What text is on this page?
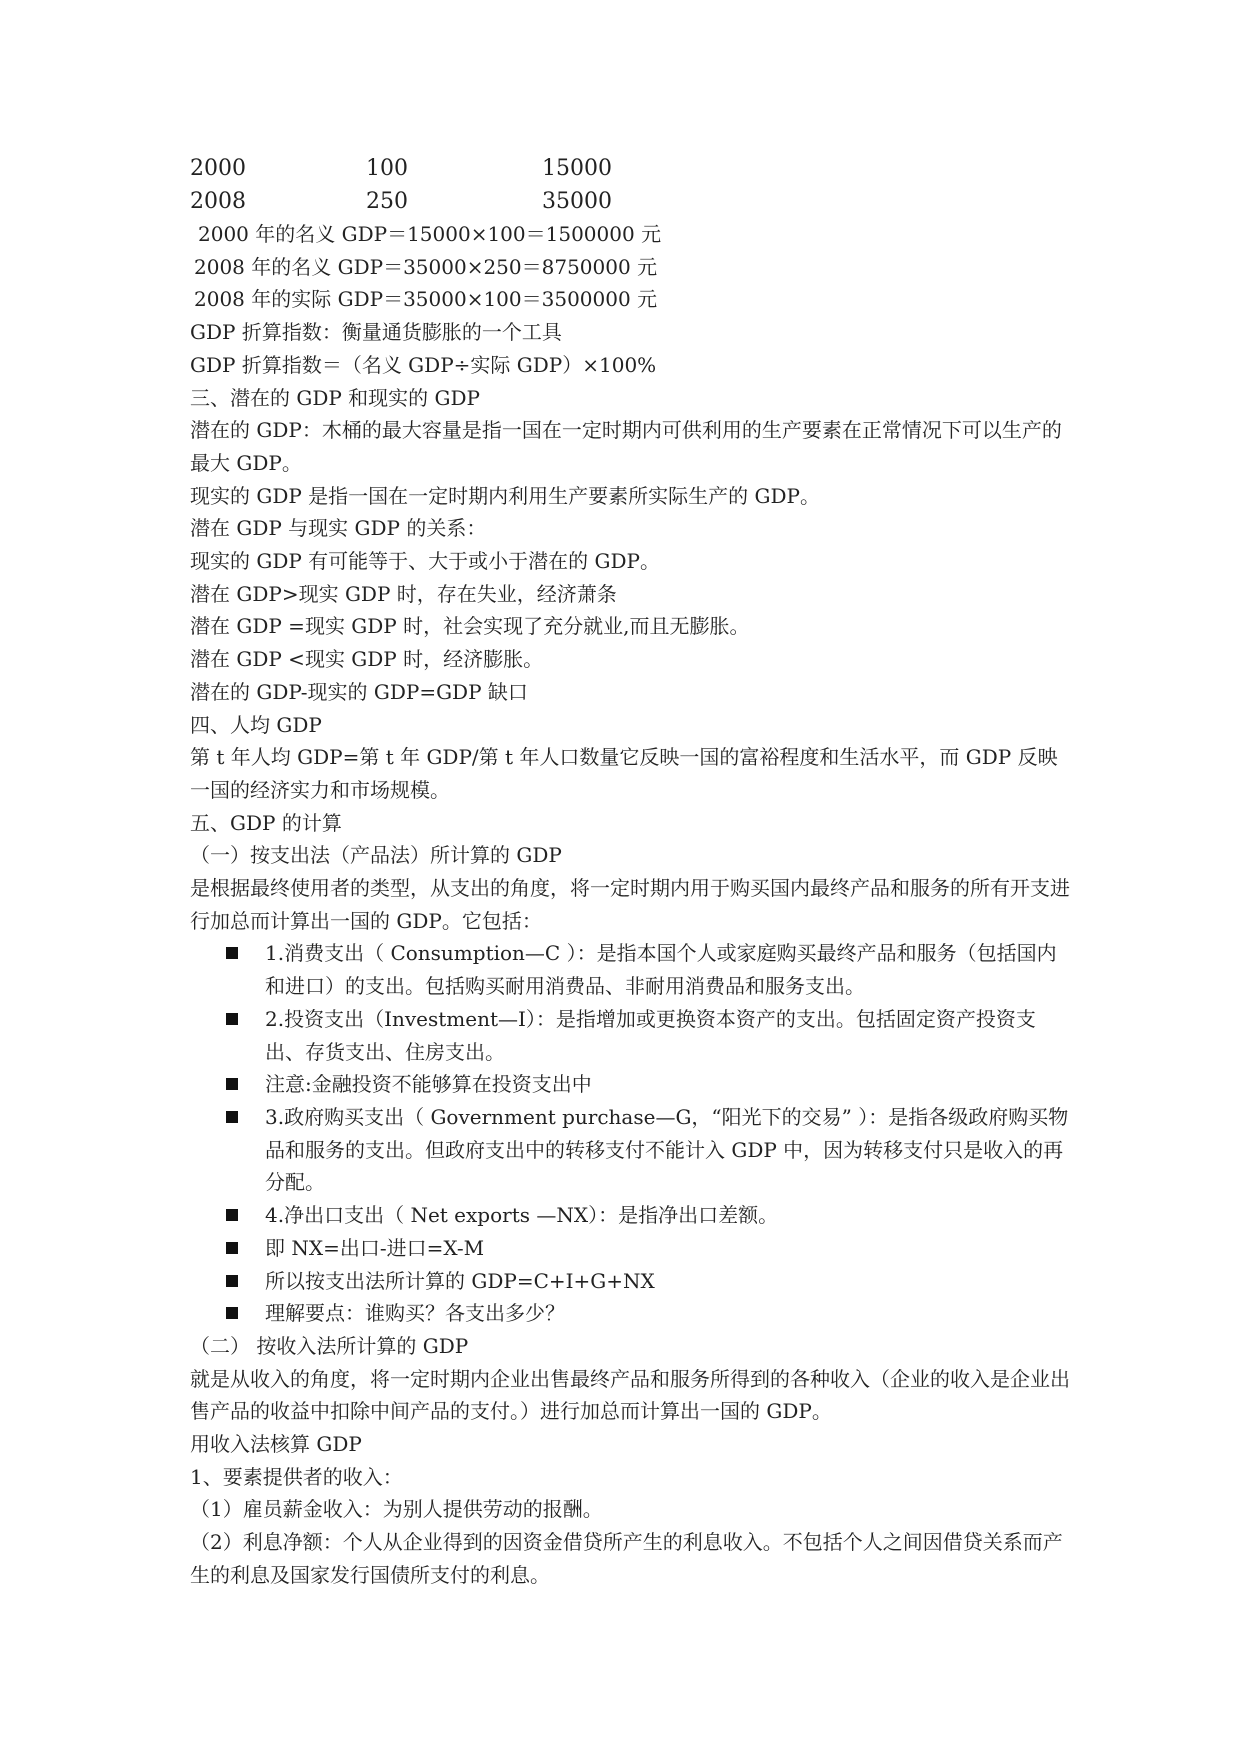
2000	100	15000
2008	250	35000
2000 年的名义 GDP＝15000×100＝1500000 元
2008 年的名义 GDP＝35000×250＝8750000 元
2008 年的实际 GDP＝35000×100＝3500000 元
GDP 折算指数：衡量通货膨胀的一个工具
GDP 折算指数＝（名义 GDP÷实际 GDP）×100%
三、潜在的 GDP 和现实的 GDP
潜在的 GDP：木桶的最大容量是指一国在一定时期内可供利用的生产要素在正常情况下可以生产的最大 GDP。
现实的 GDP 是指一国在一定时期内利用生产要素所实际生产的 GDP。
潜在 GDP 与现实 GDP 的关系：
现实的 GDP 有可能等于、大于或小于潜在的 GDP。
潜在 GDP>现实 GDP 时，存在失业，经济萧条
潜在 GDP =现实 GDP 时，社会实现了充分就业,而且无膨胀。
潜在 GDP <现实 GDP 时，经济膨胀。
潜在的 GDP-现实的 GDP=GDP 缺口
四、人均 GDP
第 t 年人均 GDP=第 t 年 GDP/第 t 年人口数量它反映一国的富裕程度和生活水平，而 GDP 反映一国的经济实力和市场规模。
五、GDP 的计算
（一）按支出法（产品法）所计算的 GDP
是根据最终使用者的类型，从支出的角度，将一定时期内用于购买国内最终产品和服务的所有开支进行加总而计算出一国的 GDP。它包括：
1.消费支出（ Consumption—C ）：是指本国个人或家庭购买最终产品和服务（包括国内和进口）的支出。包括购买耐用消费品、非耐用消费品和服务支出。
2.投资支出（Investment—I）：是指增加或更换资本资产的支出。包括固定资产投资支出、存货支出、住房支出。
注意:金融投资不能够算在投资支出中
3.政府购买支出（ Government purchase—G，“阳光下的交易” ）：是指各级政府购买物品和服务的支出。但政府支出中的转移支付不能计入 GDP 中，因为转移支付只是收入的再分配。
4.净出口支出（ Net exports —NX）：是指净出口差额。
即 NX=出口-进口=X-M
所以按支出法所计算的 GDP=C+I+G+NX
理解要点：谁购买？各支出多少？
（二） 按收入法所计算的 GDP
就是从收入的角度，将一定时期内企业出售最终产品和服务所得到的各种收入（企业的收入是企业出售产品的收益中扣除中间产品的支付。）进行加总而计算出一国的 GDP。
用收入法核算 GDP
1、要素提供者的收入：
（1）雇员薪金收入：为别人提供劳动的报酬。
（2）利息净额：个人从企业得到的因资金借贷所产生的利息收入。不包括个人之间因借贷关系而产生的利息及国家发行国债所支付的利息。
